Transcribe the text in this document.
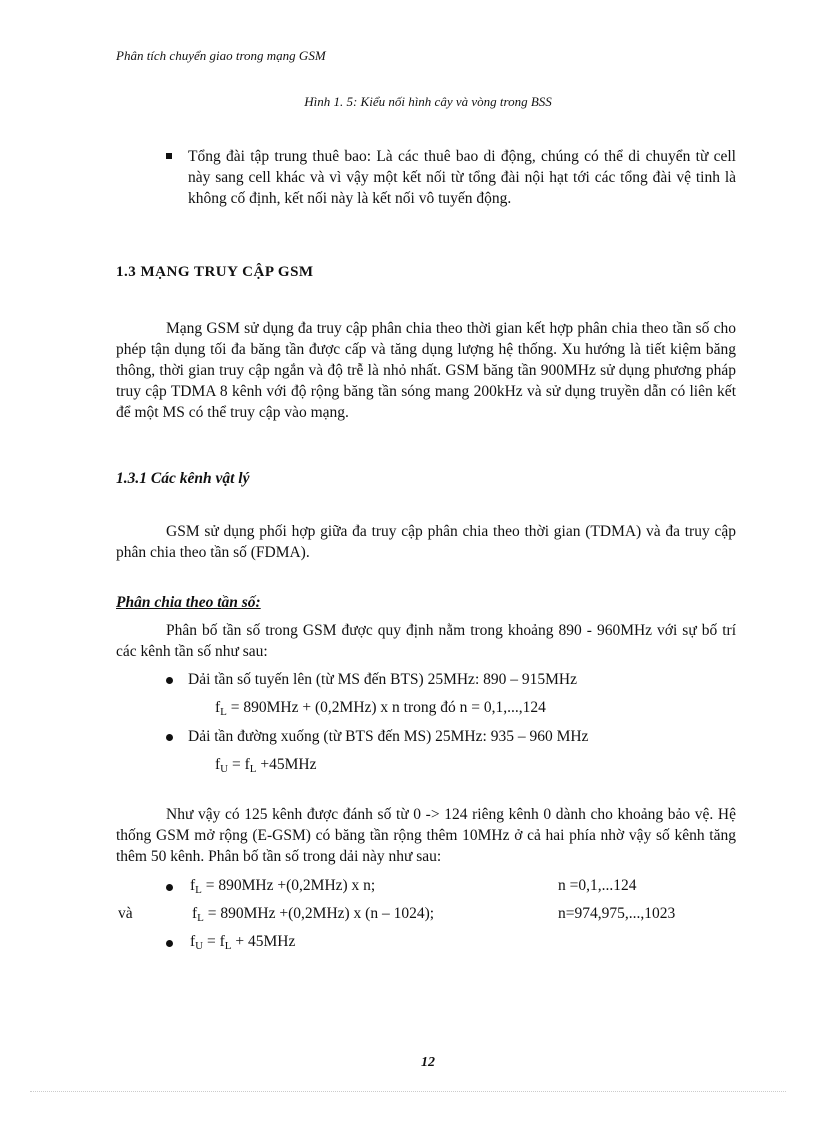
Phân tích chuyển giao trong mạng GSM
Hình 1. 5: Kiểu nối hình cây và vòng trong BSS
Tổng đài tập trung thuê bao: Là các thuê bao di động, chúng có thể di chuyển từ cell này sang cell khác và vì vậy một kết nối từ tổng đài nội hạt tới các tổng đài vệ tinh là không cố định, kết nối này là kết nối vô tuyến động.
1.3 MẠNG TRUY CẬP GSM
Mạng GSM sử dụng đa truy cập phân chia theo thời gian kết hợp phân chia theo tần số cho phép tận dụng tối đa băng tần được cấp và tăng dụng lượng hệ thống. Xu hướng là tiết kiệm băng thông, thời gian truy cập ngắn và độ trễ là nhỏ nhất. GSM băng tần 900MHz sử dụng phương pháp truy cập TDMA 8 kênh với độ rộng băng tần sóng mang 200kHz và sử dụng truyền dẫn có liên kết để một MS có thể truy cập vào mạng.
1.3.1 Các kênh vật lý
GSM sử dụng phối hợp giữa đa truy cập phân chia theo thời gian (TDMA) và đa truy cập phân chia theo tần số (FDMA).
Phân chia theo tần số:
Phân bố tần số trong GSM được quy định nằm trong khoảng 890 - 960MHz với sự bố trí các kênh tần số như sau:
Dải tần số tuyến lên (từ MS đến BTS) 25MHz: 890 – 915MHz
$f_L = 890MHz + (0,2MHz)$ x n trong đó n = 0,1,...,124
Dải tần đường xuống (từ BTS đến MS) 25MHz: 935 – 960 MHz
$f_U = f_L +45MHz$
Như vậy có 125 kênh được đánh số từ 0 -> 124 riêng kênh 0 dành cho khoảng bảo vệ. Hệ thống GSM mở rộng (E-GSM) có băng tần rộng thêm 10MHz ở cả hai phía nhờ vậy số kênh tăng thêm 50 kênh. Phân bố tần số trong dải này như sau:
$f_L = 890MHz +(0,2MHz)$ x n;	n =0,1,...124
và	$f_L = 890MHz +(0,2MHz)$ x (n – 1024);	n=974,975,...,1023
$f_U = f_L + 45MHz$
12
